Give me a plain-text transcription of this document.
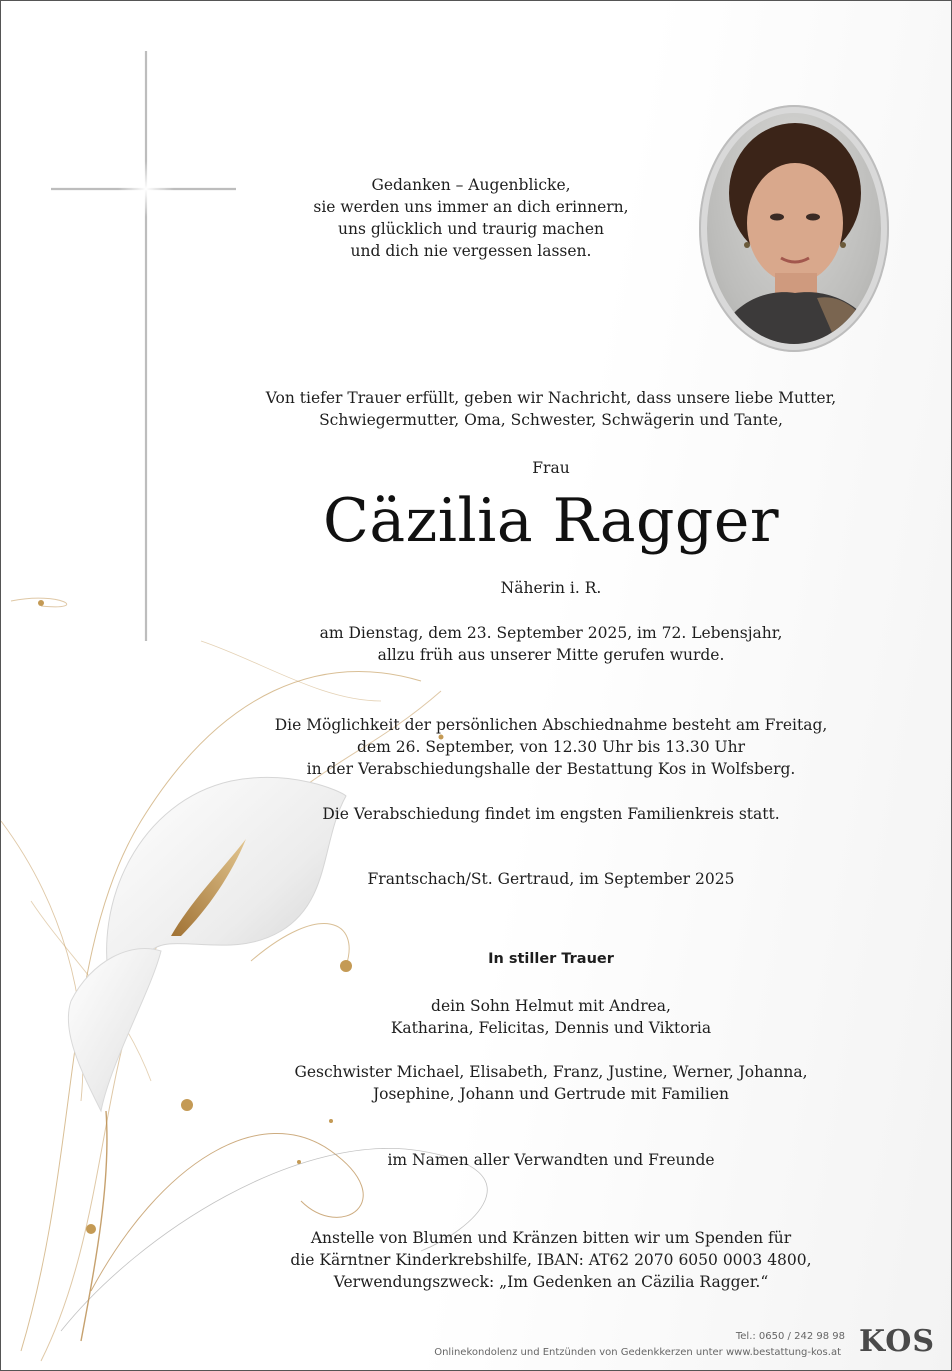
Gedanken – Augenblicke,
sie werden uns immer an dich erinnern,
uns glücklich und traurig machen
und dich nie vergessen lassen.
Von tiefer Trauer erfüllt, geben wir Nachricht, dass unsere liebe Mutter,
Schwiegermutter, Oma, Schwester, Schwägerin und Tante,
Frau
Cäzilia Ragger
Näherin i. R.
am Dienstag, dem 23. September 2025, im 72. Lebensjahr,
allzu früh aus unserer Mitte gerufen wurde.
Die Möglichkeit der persönlichen Abschiednahme besteht am Freitag,
dem 26. September, von 12.30 Uhr bis 13.30 Uhr
in der Verabschiedungshalle der Bestattung Kos in Wolfsberg.
Die Verabschiedung findet im engsten Familienkreis statt.
Frantschach/St. Gertraud, im September 2025
In stiller Trauer
dein Sohn Helmut mit Andrea,
Katharina, Felicitas, Dennis und Viktoria
Geschwister Michael, Elisabeth, Franz, Justine, Werner, Johanna,
Josephine, Johann und Gertrude mit Familien
im Namen aller Verwandten und Freunde
Anstelle von Blumen und Kränzen bitten wir um Spenden für
die Kärntner Kinderkrebshilfe, IBAN: AT62 2070 6050 0003 4800,
Verwendungszweck: „Im Gedenken an Cäzilia Ragger.“
Tel.: 0650 / 242 98 98
Onlinekondolenz und Entzünden von Gedenkkerzen unter www.bestattung-kos.at KOS
